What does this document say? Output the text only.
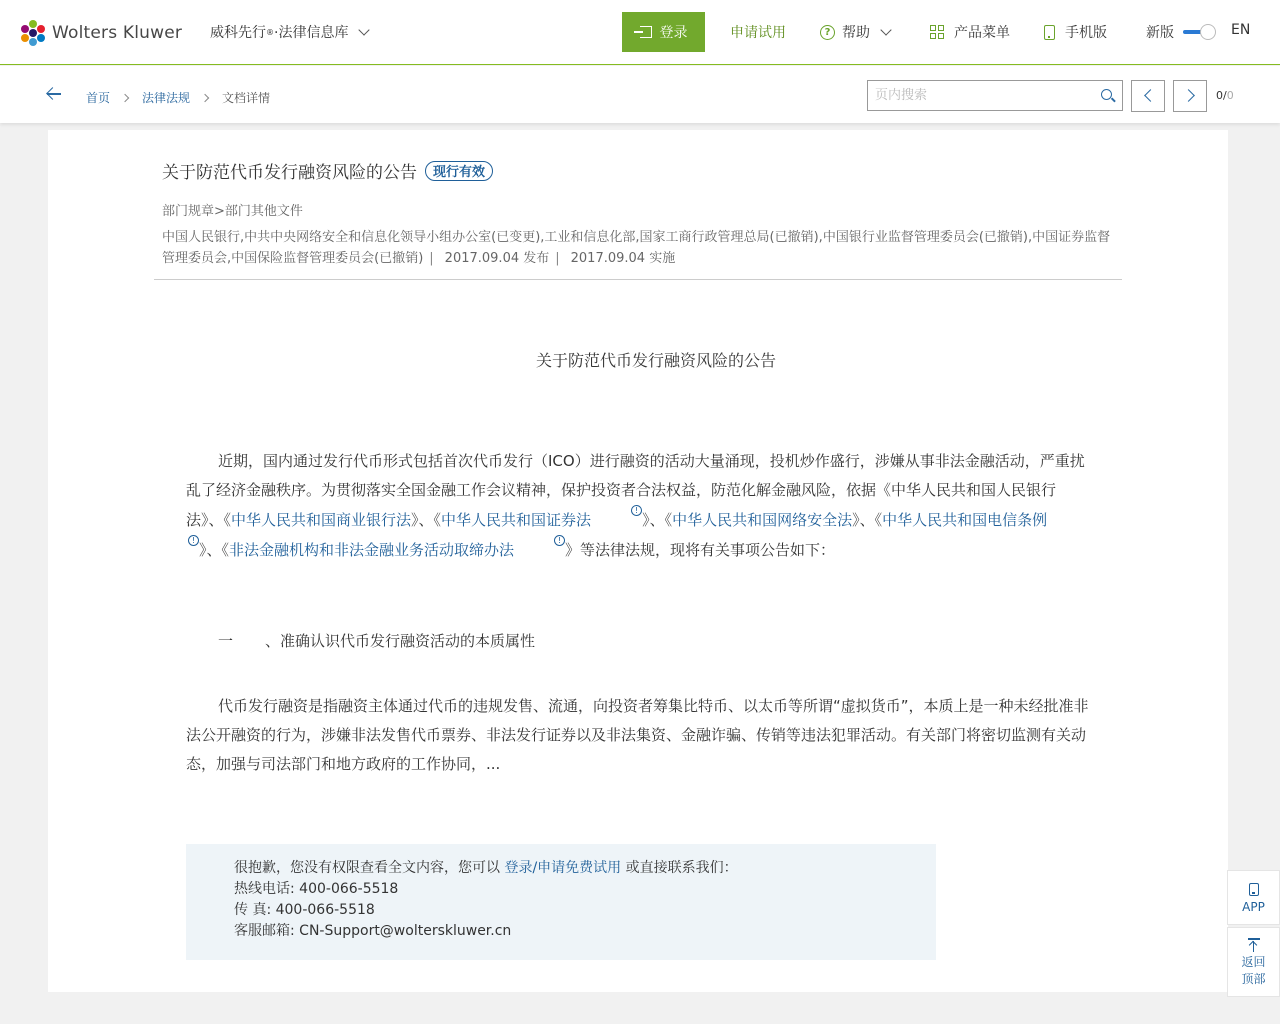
Wolters Kluwer 威科先行 ® ·法律信息库	登录	申请试用	? 帮助	产品菜单	手机版	新版	EN
首页	法律法规	文档详情
页内搜索	0/0
关于防范代币发行融资风险的公告	现行有效
部门规章>部门其他文件
中国人民银行,中共中央网络安全和信息化领导小组办公室(已变更),工业和信息化部,国家工商行政管理总局(已撤销),中国银行业监督管理委员会(已撤销),中国证券监督管理委员会,中国保险监督管理委员会(已撤销) | 2017.09.04 发布 | 2017.09.04 实施
关于防范代币发行融资风险的公告

近期，国内通过发行代币形式包括首次代币发行（ICO）进行融资的活动大量涌现，投机炒作盛行，涉嫌从事非法金融活动，严重扰乱了经济金融秩序。为贯彻落实全国金融工作会议精神，保护投资者合法权益，防范化解金融风险，依据《中华人民共和国人民银行法》、《中华人民共和国商业银行法》、《中华人民共和国证券法!》、《中华人民共和国网络安全法》、《中华人民共和国电信条例!》、《非法金融机构和非法金融业务活动取缔办法!》等法律法规，现将有关事项公告如下：

一 、准确认识代币发行融资活动的本质属性

代币发行融资是指融资主体通过代币的违规发售、流通，向投资者筹集比特币、以太币等所谓“虚拟货币”，本质上是一种未经批准非法公开融资的行为，涉嫌非法发售代币票券、非法发行证券以及非法集资、金融诈骗、传销等违法犯罪活动。有关部门将密切监测有关动态，加强与司法部门和地方政府的工作协同，...

很抱歉，您没有权限查看全文内容，您可以 登录/申请免费试用 或直接联系我们：
热线电话: 400-066-5518
传 真: 400-066-5518
客服邮箱: CN-Support@wolterskluwer.cn
APP
返回
顶部
